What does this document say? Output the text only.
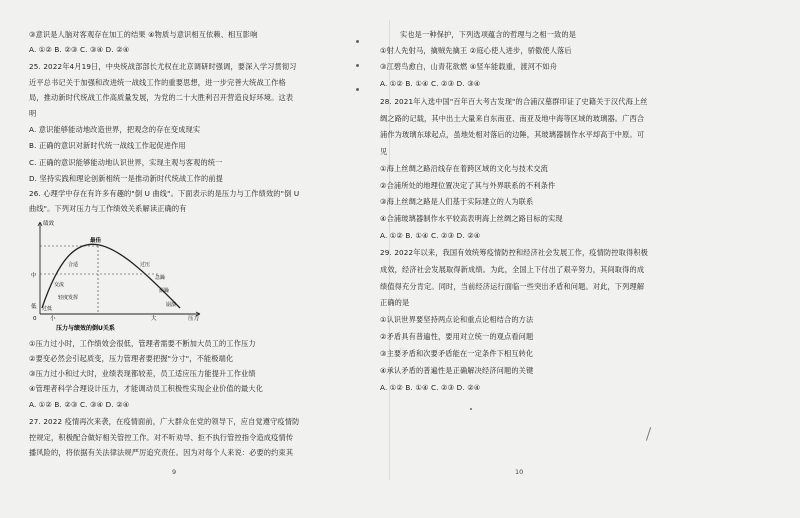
③意识是人脑对客观存在加工的结果 ④物质与意识相互依赖、相互影响
A. ①② B. ②③ C. ③④ D. ②④
25. 2022年4月19日，中央统战部部长尤权在北京调研时强调，要深入学习贯彻习
近平总书记关于加强和改进统一战线工作的重要思想，进一步完善大统战工作格
局，推动新时代统战工作高质量发展，为党的二十大胜利召开营造良好环境。这表
明
A. 意识能够能动地改造世界，把观念的存在变成现实
B. 正确的意识对新时代统一战线工作起促进作用
C. 正确的意识能够能动地认识世界，实现主观与客观的统一
D. 坚持实践和理论创新相统一是推动新时代统战工作的前提
26. 心理学中存在有许多有趣的"倒 U 曲线"。下面表示的是压力与工作绩效的"倒 U
曲线"。下列对压力与工作绩效关系解读正确的有
绩效
中
低
最佳
合适
交流
轻度发挥
过低
过压
急躁
烦躁
崩溃
0 小	大	压力
压力与绩效的倒U关系
①压力过小时，工作绩效会很低，管理者需要不断加大员工的工作压力
②要变必然会引起质变，压力管理者要把握"分寸"，不能极端化
③压力过小和过大时，业绩表现都较差，员工适应压力能提升工作业绩
④管理者科学合理设计压力，才能调动员工积极性实现企业价值的最大化
A. ①② B. ②③ C. ③④ D. ②④
27. 2022 疫情再次来袭，在疫情面前，广大群众在党的领导下，应自觉遵守疫情防
控规定，积极配合做好相关管控工作。对不听劝导、拒不执行管控指令造成疫情传
播风险的，将依据有关法律法规严厉追究责任。因为对每个人来说：必要的约束其
9
实也是一种保护，下列选项蕴含的哲理与之相一致的是
①射人先射马，擒贼先擒王 ②庭心使人进步，骄傲使人落后
③江碧鸟愈白，山青花欲燃 ④竖车能载重，渡河不如舟
A. ①② B. ①④ C. ②③ D. ③④
28. 2021年入选中国"百年百大考古发现"的合浦汉墓群印证了史籍关于汉代海上丝
绸之路的记载，其中出土大量来自东南亚、南亚及地中海等区域的玻璃器。广西合
浦作为玻璃东球起点，虽地处相对落后的边陲，其玻璃器制作水平却高于中原。可
见
①海上丝绸之路沿线存在着跨区域的文化与技术交流
②合浦所处的地理位置决定了其与外界联系的不利条件
③海上丝绸之路是人们基于实际建立的人为联系
④合浦玻璃器制作水平较高表明海上丝绸之路目标的实现
A. ①② B. ①④ C. ②③ D. ②④
29. 2022年以来，我国有效统筹疫情防控和经济社会发展工作，疫情防控取得积极
成效，经济社会发展取得新成绩。为此，全国上下付出了艰辛努力，其间取得的成
绩值得充分肯定。同时，当前经济运行面临一些突出矛盾和问题。对此，下列理解
正确的是
①认识世界要坚持两点论和重点论相结合的方法
②矛盾具有普遍性，要用对立统一的观点看问题
③主要矛盾和次要矛盾能在一定条件下相互转化
④承认矛盾的普遍性是正确解决经济问题的关键
A. ①② B. ①④ C. ②③ D. ②④
10
